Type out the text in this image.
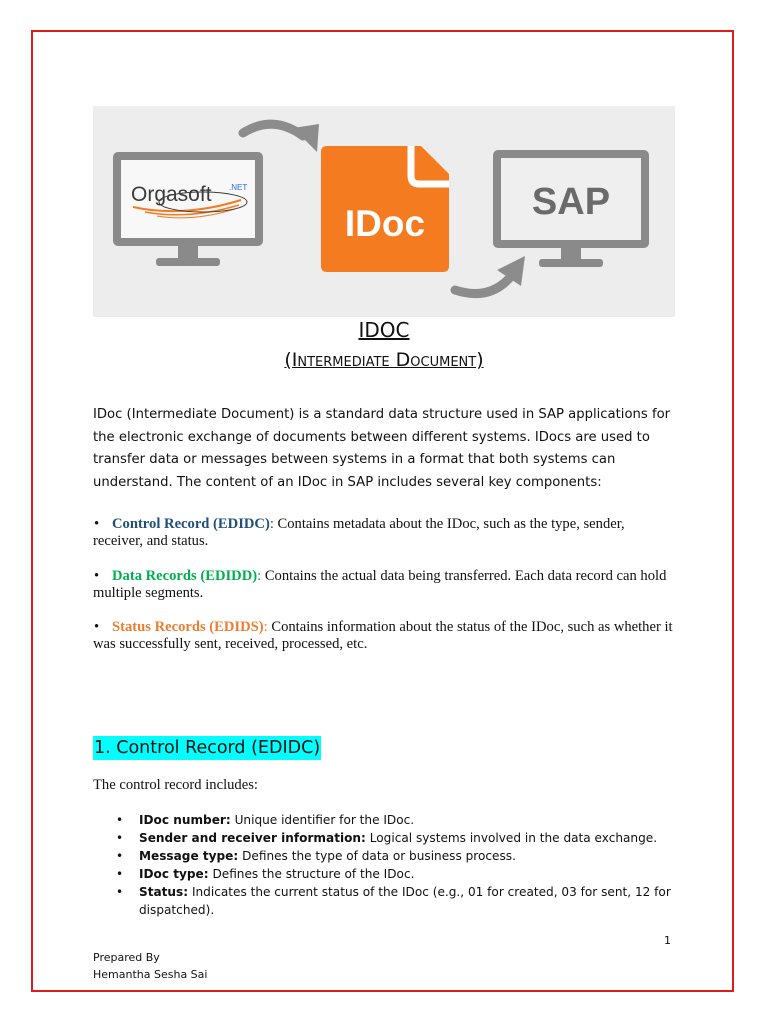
Orgasoft .NET
IDoc
SAP
IDOC
(Intermediate Document)
IDoc (Intermediate Document) is a standard data structure used in SAP applications for the electronic exchange of documents between different systems. IDocs are used to transfer data or messages between systems in a format that both systems can understand. The content of an IDoc in SAP includes several key components:
• Control Record (EDIDC): Contains metadata about the IDoc, such as the type, sender, receiver, and status.
• Data Records (EDIDD): Contains the actual data being transferred. Each data record can hold multiple segments.
• Status Records (EDIDS): Contains information about the status of the IDoc, such as whether it was successfully sent, received, processed, etc.
1. Control Record (EDIDC)
The control record includes:
• IDoc number: Unique identifier for the IDoc.
• Sender and receiver information: Logical systems involved in the data exchange.
• Message type: Defines the type of data or business process.
• IDoc type: Defines the structure of the IDoc.
• Status: Indicates the current status of the IDoc (e.g., 01 for created, 03 for sent, 12 for dispatched).
1
Prepared By
Hemantha Sesha Sai
